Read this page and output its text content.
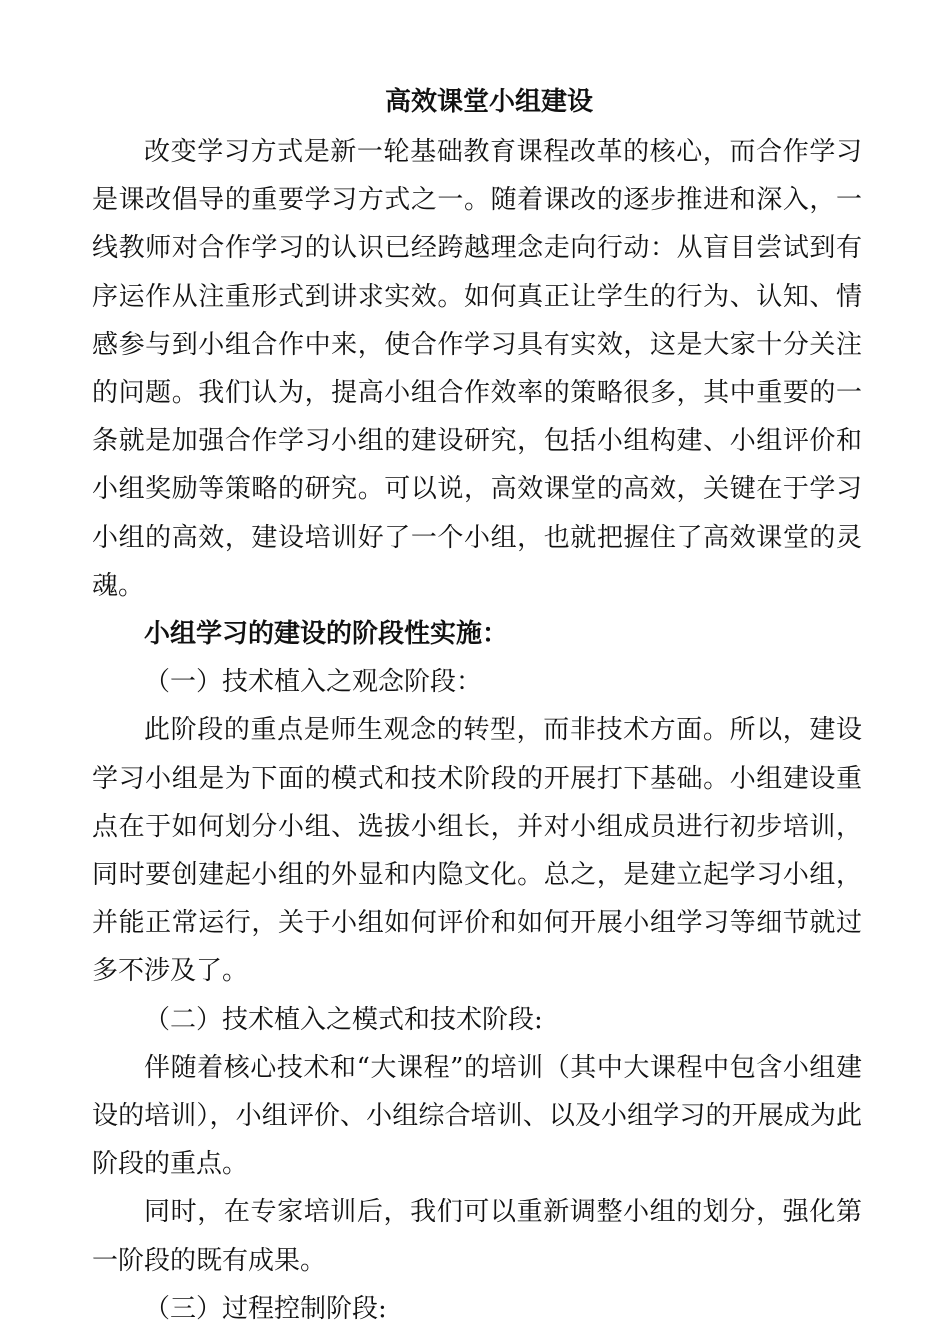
高效课堂小组建设

改变学习方式是新一轮基础教育课程改革的核心，而合作学习是课改倡导的重要学习方式之一。随着课改的逐步推进和深入，一线教师对合作学习的认识已经跨越理念走向行动：从盲目尝试到有序运作从注重形式到讲求实效。如何真正让学生的行为、认知、情感参与到小组合作中来，使合作学习具有实效，这是大家十分关注的问题。我们认为，提高小组合作效率的策略很多，其中重要的一条就是加强合作学习小组的建设研究，包括小组构建、小组评价和小组奖励等策略的研究。可以说，高效课堂的高效，关键在于学习小组的高效，建设培训好了一个小组，也就把握住了高效课堂的灵魂。

小组学习的建设的阶段性实施：

（一）技术植入之观念阶段：

此阶段的重点是师生观念的转型，而非技术方面。所以，建设学习小组是为下面的模式和技术阶段的开展打下基础。小组建设重点在于如何划分小组、选拔小组长，并对小组成员进行初步培训，同时要创建起小组的外显和内隐文化。总之，是建立起学习小组，并能正常运行，关于小组如何评价和如何开展小组学习等细节就过多不涉及了。

（二）技术植入之模式和技术阶段:

伴随着核心技术和“大课程”的培训（其中大课程中包含小组建设的培训），小组评价、小组综合培训、以及小组学习的开展成为此阶段的重点。

同时，在专家培训后，我们可以重新调整小组的划分，强化第一阶段的既有成果。

（三）过程控制阶段:
